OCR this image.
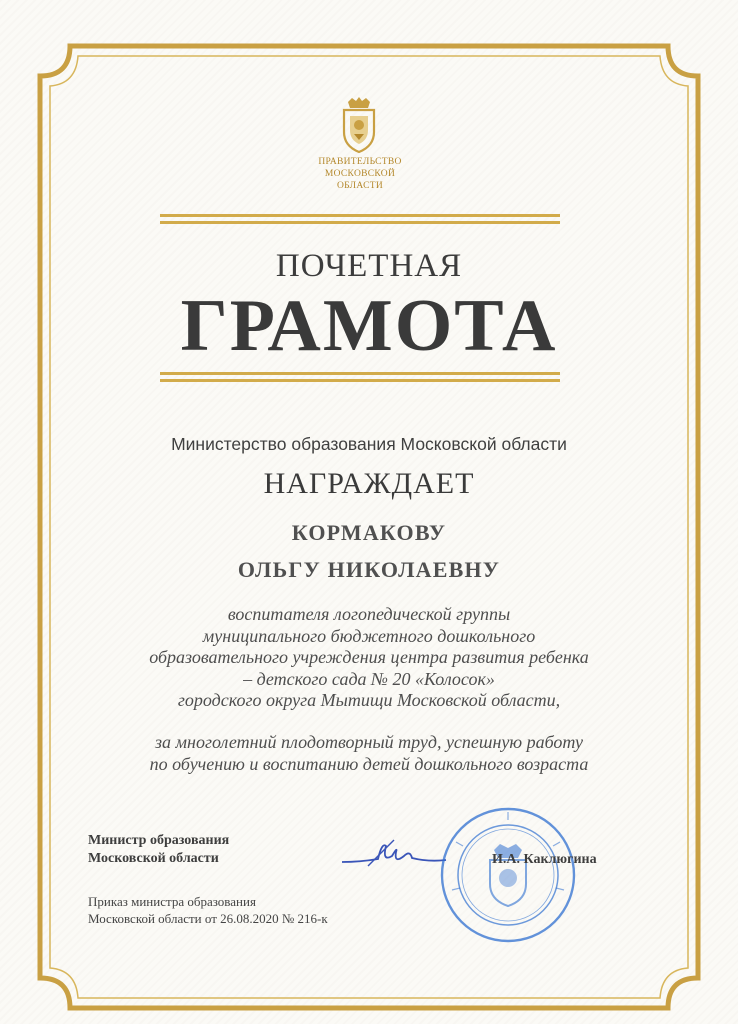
ПРАВИТЕЛЬСТВО
МОСКОВСКОЙ
ОБЛАСТИ
ПОЧЕТНАЯ
ГРАМОТА
Министерство образования Московской области
НАГРАЖДАЕТ
КОРМАКОВУ
ОЛЬГУ НИКОЛАЕВНУ
воспитателя логопедической группы
муниципального бюджетного дошкольного
образовательного учреждения центра развития ребенка
– детского сада № 20 «Колосок»
городского округа Мытищи Московской области,
за многолетний плодотворный труд, успешную работу
по обучению и воспитанию детей дошкольного возраста
Министр образования
Московской области	И.А. Каклюгина
Приказ министра образования
Московской области от 26.08.2020 № 216-к
